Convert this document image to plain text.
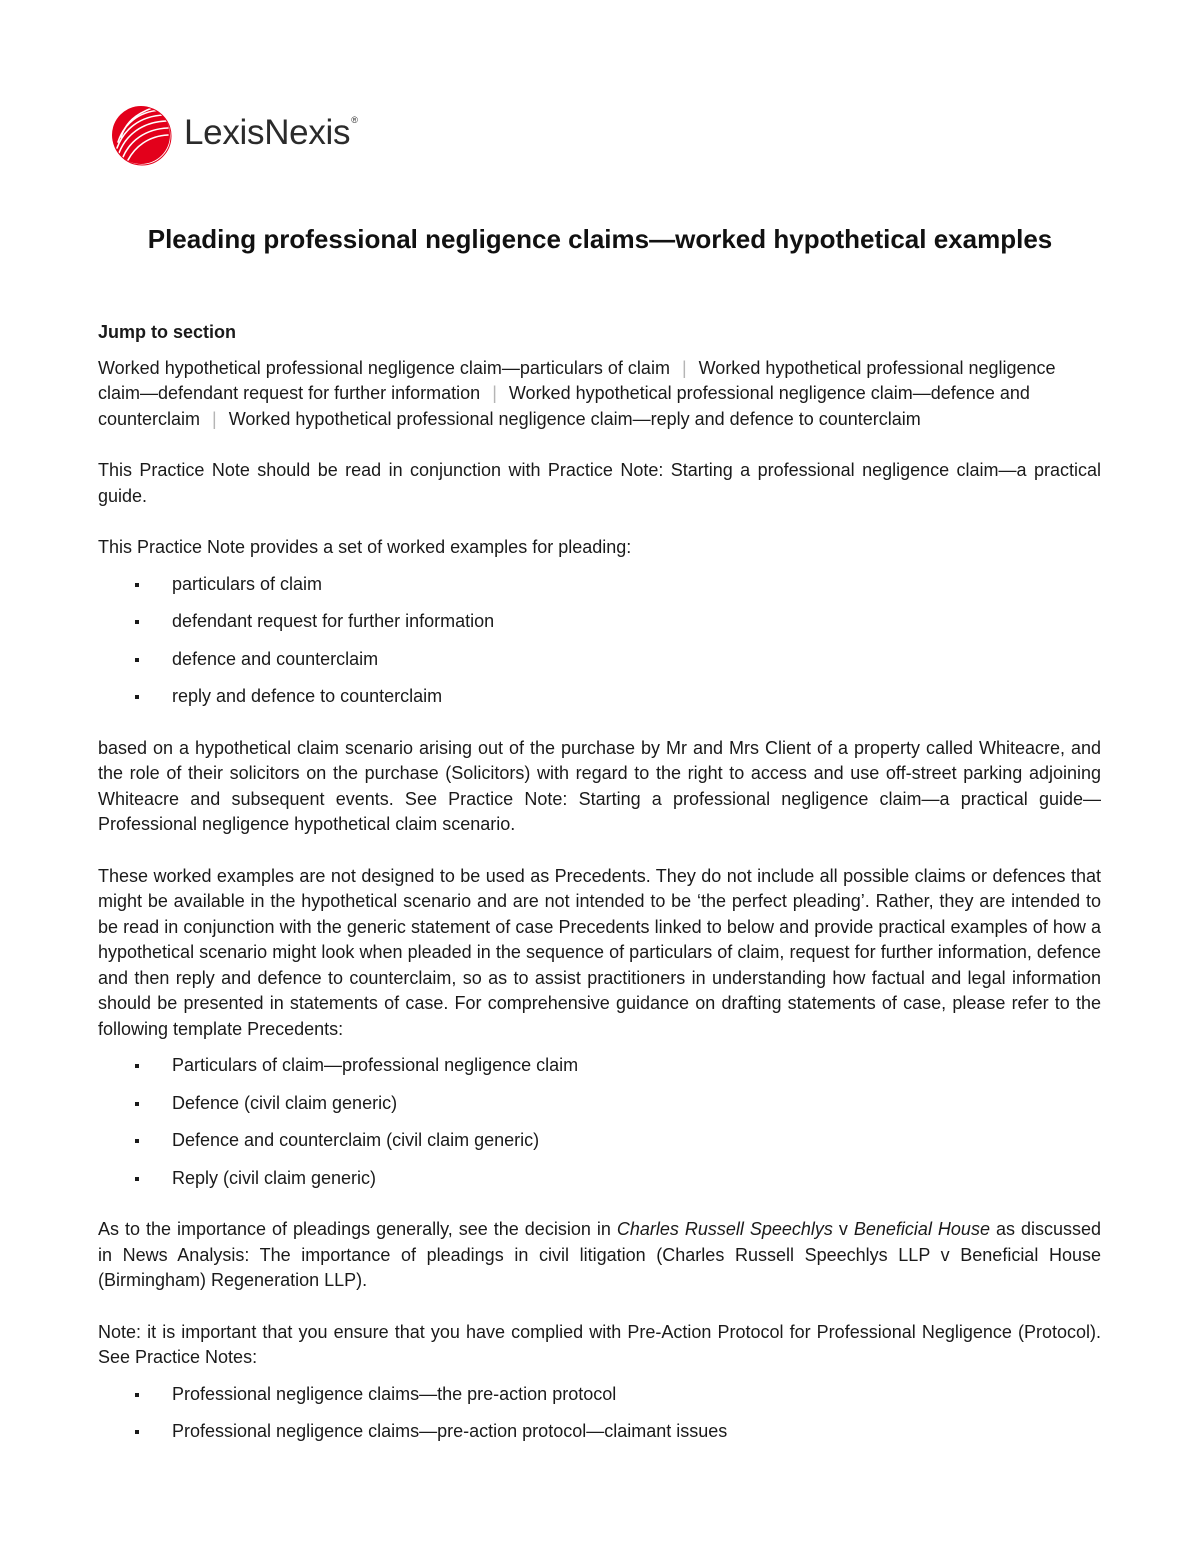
LexisNexis ®
Pleading professional negligence claims—worked hypothetical examples

Jump to section

Worked hypothetical professional negligence claim—particulars of claim | Worked hypothetical professional negligence claim—defendant request for further information | Worked hypothetical professional negligence claim—defence and counterclaim | Worked hypothetical professional negligence claim—reply and defence to counterclaim

This Practice Note should be read in conjunction with Practice Note: Starting a professional negligence claim—a practical guide.

This Practice Note provides a set of worked examples for pleading:

particulars of claim
defendant request for further information
defence and counterclaim
reply and defence to counterclaim

based on a hypothetical claim scenario arising out of the purchase by Mr and Mrs Client of a property called Whiteacre, and the role of their solicitors on the purchase (Solicitors) with regard to the right to access and use off-street parking adjoining Whiteacre and subsequent events. See Practice Note: Starting a professional negligence claim—a practical guide—Professional negligence hypothetical claim scenario.

These worked examples are not designed to be used as Precedents. They do not include all possible claims or defences that might be available in the hypothetical scenario and are not intended to be ‘the perfect pleading’. Rather, they are intended to be read in conjunction with the generic statement of case Precedents linked to below and provide practical examples of how a hypothetical scenario might look when pleaded in the sequence of particulars of claim, request for further information, defence and then reply and defence to counterclaim, so as to assist practitioners in understanding how factual and legal information should be presented in statements of case. For comprehensive guidance on drafting statements of case, please refer to the following template Precedents:

Particulars of claim—professional negligence claim
Defence (civil claim generic)
Defence and counterclaim (civil claim generic)
Reply (civil claim generic)

As to the importance of pleadings generally, see the decision in Charles Russell Speechlys v Beneficial House as discussed in News Analysis: The importance of pleadings in civil litigation (Charles Russell Speechlys LLP v Beneficial House (Birmingham) Regeneration LLP).

Note: it is important that you ensure that you have complied with Pre-Action Protocol for Professional Negligence (Protocol). See Practice Notes:

Professional negligence claims—the pre-action protocol
Professional negligence claims—pre-action protocol—claimant issues
